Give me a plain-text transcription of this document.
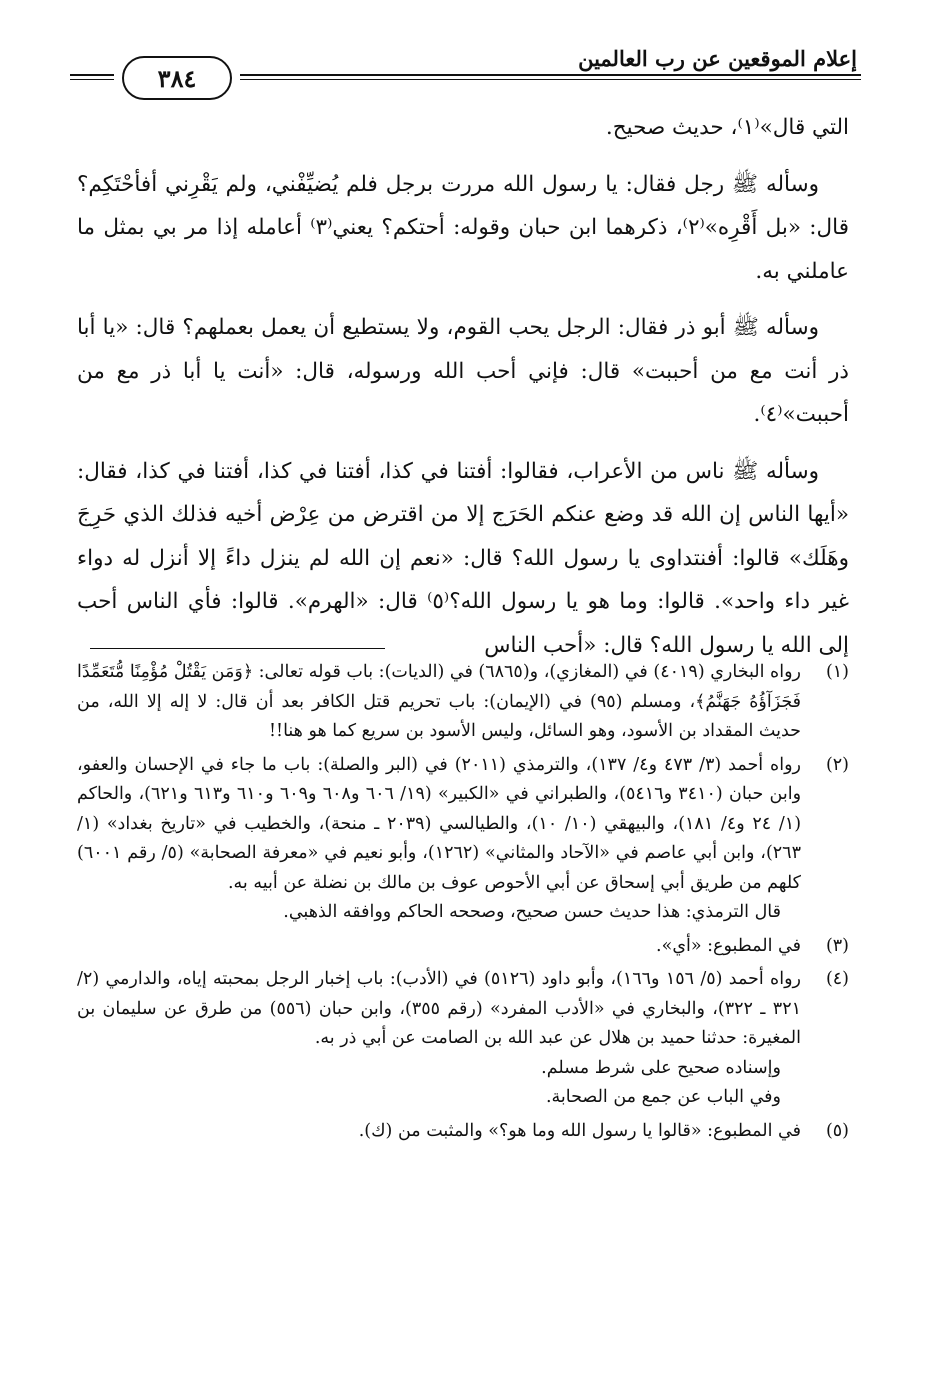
إعلام الموقعين عن رب العالمين
٣٨٤

التي قال»⁽١⁾، حديث صحيح.

وسأله ﷺ رجل فقال: يا رسول الله مررت برجل فلم يُضيِّفْني، ولم يَقْرِني أفأحْتَكِم؟ قال: «بل أَقْرِه»⁽٢⁾، ذكرهما ابن حبان وقوله: أحتكم؟ يعني⁽٣⁾ أعامله إذا مر بي بمثل ما عاملني به.

وسأله ﷺ أبو ذر فقال: الرجل يحب القوم، ولا يستطيع أن يعمل بعملهم؟ قال: «يا أبا ذر أنت مع من أحببت» قال: فإني أحب الله ورسوله، قال: «أنت يا أبا ذر مع من أحببت»⁽٤⁾.

وسأله ﷺ ناس من الأعراب، فقالوا: أفتنا في كذا، أفتنا في كذا، أفتنا في كذا، فقال: «أيها الناس إن الله قد وضع عنكم الحَرَج إلا من اقترض من عِرْض أخيه فذلك الذي حَرِجَ وهَلَك» قالوا: أفنتداوى يا رسول الله؟ قال: «نعم إن الله لم ينزل داءً إلا أنزل له دواء غير داء واحد». قالوا: وما هو يا رسول الله؟⁽٥⁾ قال: «الهرم». قالوا: فأي الناس أحب إلى الله يا رسول الله؟ قال: «أحب الناس

(١)

رواه البخاري (٤٠١٩) في (المغازي)، و(٦٨٦٥) في (الديات): باب قوله تعالى: ﴿وَمَن يَقْتُلْ مُؤْمِنًا مُّتَعَمِّدًا فَجَزَآؤُهُ جَهَنَّمُ﴾، ومسلم (٩٥) في (الإيمان): باب تحريم قتل الكافر بعد أن قال: لا إله إلا الله، من حديث المقداد بن الأسود، وهو السائل، وليس الأسود بن سريع كما هو هنا!!

(٢)

رواه أحمد (٣/ ٤٧٣ و٤/ ١٣٧)، والترمذي (٢٠١١) في (البر والصلة): باب ما جاء في الإحسان والعفو، وابن حبان (٣٤١٠ و٥٤١٦)، والطبراني في «الكبير» (١٩/ ٦٠٦ و٦٠٨ و٦٠٩ و٦١٠ و٦١٣ و٦٢١)، والحاكم (١/ ٢٤ و٤/ ١٨١)، والبيهقي (١٠/ ١٠)، والطيالسي (٢٠٣٩ ـ منحة)، والخطيب في «تاريخ بغداد» (١/ ٢٦٣)، وابن أبي عاصم في «الآحاد والمثاني» (١٢٦٢)، وأبو نعيم في «معرفة الصحابة» (٥/ رقم ٦٠٠١) كلهم من طريق أبي إسحاق عن أبي الأحوص عوف بن مالك بن نضلة عن أبيه به.

قال الترمذي: هذا حديث حسن صحيح، وصححه الحاكم ووافقه الذهبي.

(٣)

في المطبوع: «أي».

(٤)

رواه أحمد (٥/ ١٥٦ و١٦٦)، وأبو داود (٥١٢٦) في (الأدب): باب إخبار الرجل بمحبته إياه، والدارمي (٢/ ٣٢١ ـ ٣٢٢)، والبخاري في «الأدب المفرد» (رقم ٣٥٥)، وابن حبان (٥٥٦) من طرق عن سليمان بن المغيرة: حدثنا حميد بن هلال عن عبد الله بن الصامت عن أبي ذر به.

وإسناده صحيح على شرط مسلم.

وفي الباب عن جمع من الصحابة.

(٥)

في المطبوع: «قالوا يا رسول الله وما هو؟» والمثبت من (ك).
